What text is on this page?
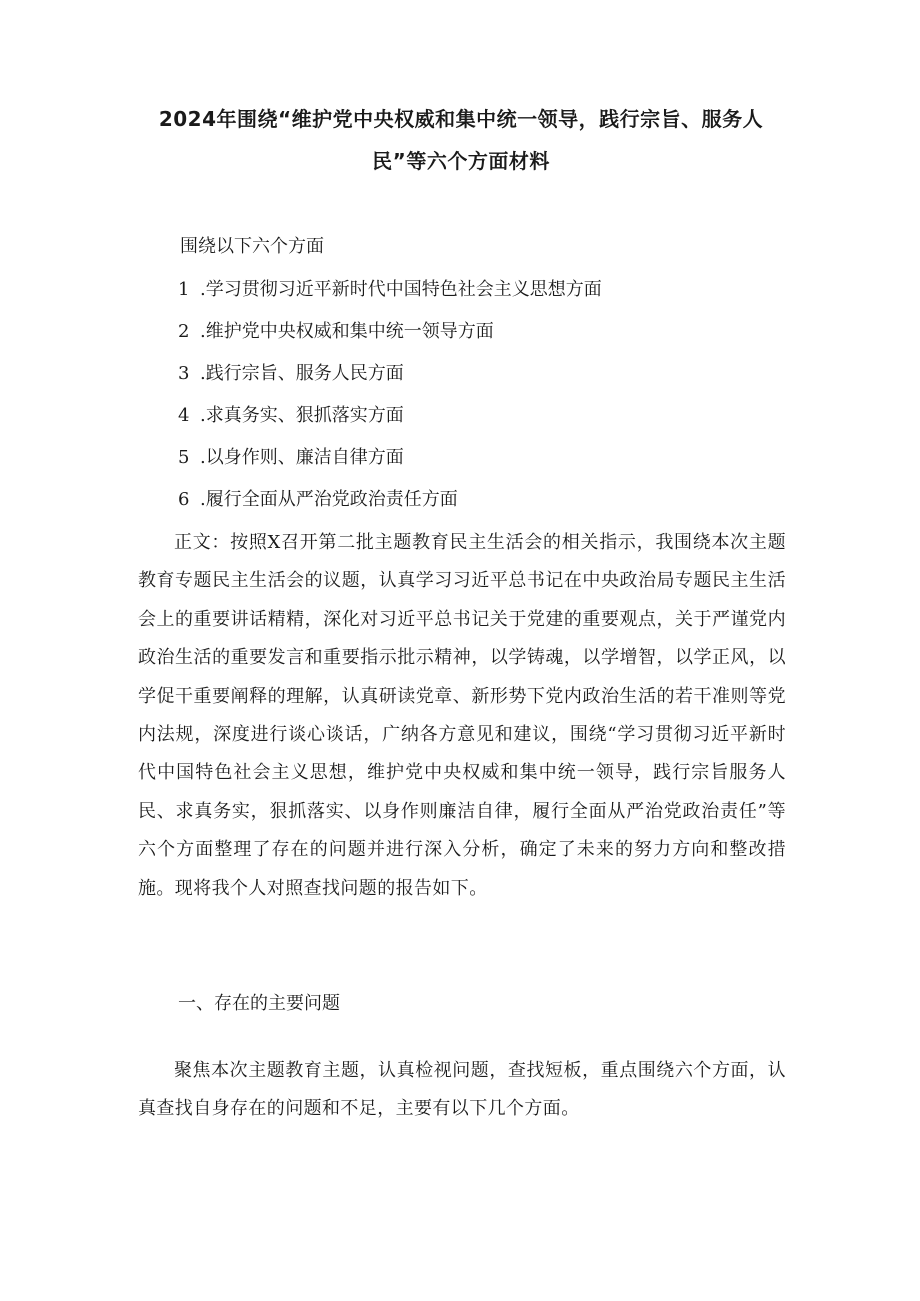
2024年围绕“维护党中央权威和集中统一领导，践行宗旨、服务人
民”等六个方面材料
围绕以下六个方面
1 .学习贯彻习近平新时代中国特色社会主义思想方面
2 .维护党中央权威和集中统一领导方面
3 .践行宗旨、服务人民方面
4 .求真务实、狠抓落实方面
5 .以身作则、廉洁自律方面
6 .履行全面从严治党政治责任方面

正文：按照X召开第二批主题教育民主生活会的相关指示，我围绕本次主题教育专题民主生活会的议题，认真学习习近平总书记在中央政治局专题民主生活会上的重要讲话精精，深化对习近平总书记关于党建的重要观点，关于严谨党内政治生活的重要发言和重要指示批示精神，以学铸魂，以学增智，以学正风，以学促干重要阐释的理解，认真研读党章、新形势下党内政治生活的若干准则等党内法规，深度进行谈心谈话，广纳各方意见和建议，围绕“学习贯彻习近平新时代中国特色社会主义思想，维护党中央权威和集中统一领导，践行宗旨服务人民、求真务实，狠抓落实、以身作则廉洁自律，履行全面从严治党政治责任”等六个方面整理了存在的问题并进行深入分析，确定了未来的努力方向和整改措施。现将我个人对照查找问题的报告如下。

一、存在的主要问题

聚焦本次主题教育主题，认真检视问题，查找短板，重点围绕六个方面，认真查找自身存在的问题和不足，主要有以下几个方面。
